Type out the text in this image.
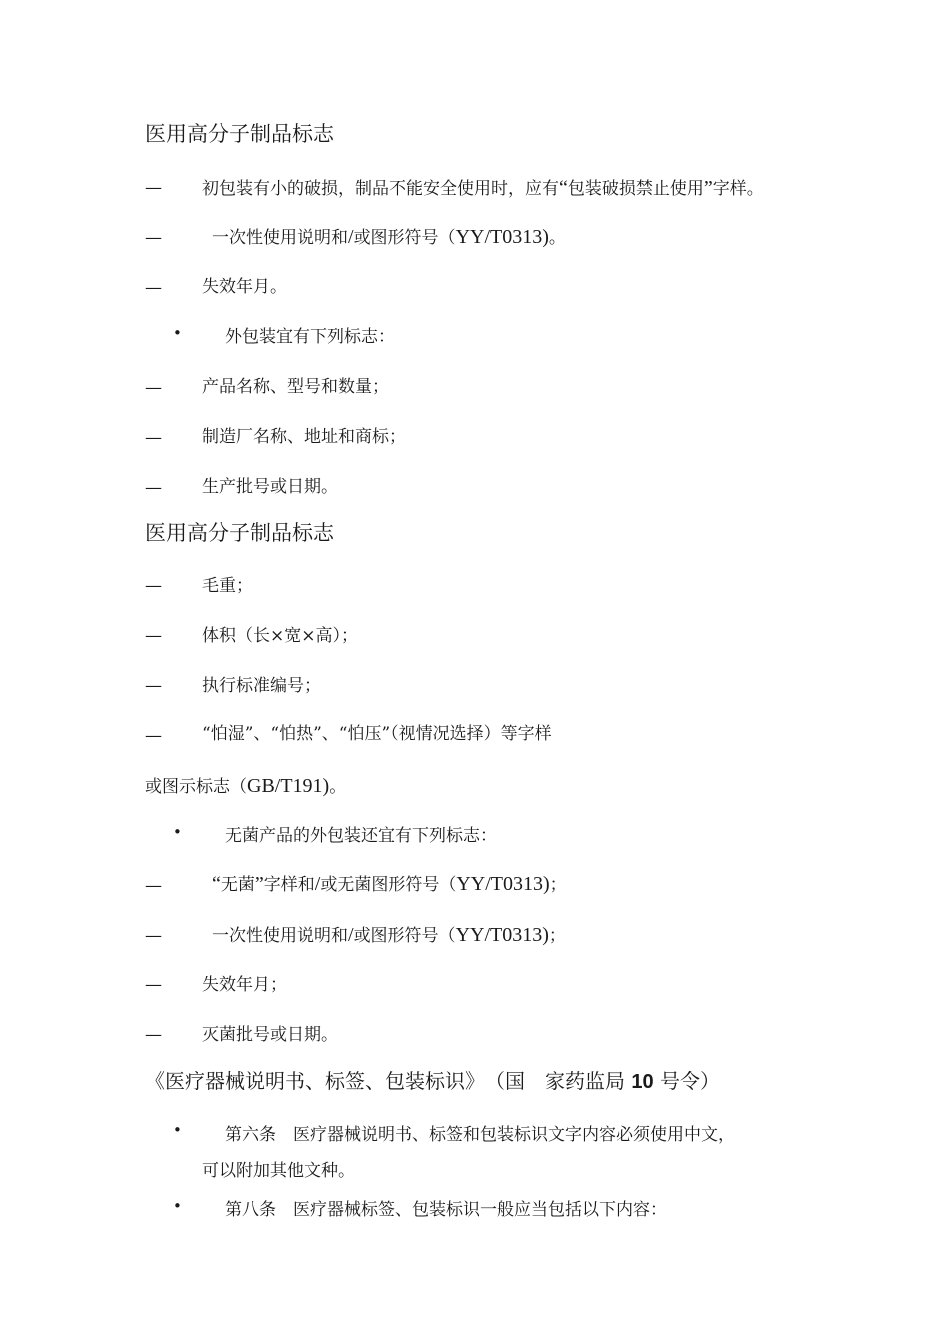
医用高分子制品标志
— 初包装有小的破损，制品不能安全使用时，应有“包装破损禁止使用”字样。
—	一次性使用说明和/或图形符号（YY/T0313)。
— 失效年月。
•	外包装宜有下列标志：
— 产品名称、型号和数量；
— 制造厂名称、地址和商标；
— 生产批号或日期。
医用高分子制品标志
— 毛重；
— 体积（长×宽×高）；
— 执行标准编号；
— “怕湿”、“怕热”、“怕压”（视情况选择）等字样
或图示标志（GB/T191)。
•	无菌产品的外包装还宜有下列标志：
—	“无菌”字样和/或无菌图形符号（YY/T0313)；
—	一次性使用说明和/或图形符号（YY/T0313)；
— 失效年月；
— 灭菌批号或日期。
《医疗器械说明书、标签、包装标识》　（国　家药监局 10 号令）
•	第六条　医疗器械说明书、标签和包装标识文字内容必须使用中文，
可以附加其他文种。
•	第八条　医疗器械标签、包装标识一般应当包括以下内容：
